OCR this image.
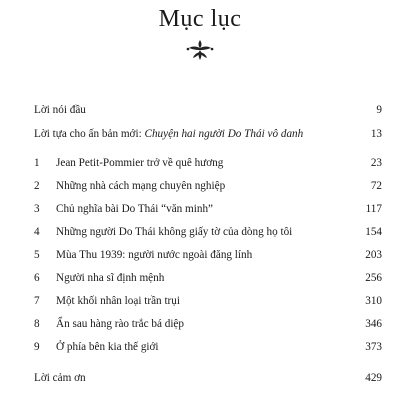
Mục lục
Lời nói đầu	9
Lời tựa cho ấn bản mới: Chuyện hai người Do Thái vô danh	13
1 Jean Petit-Pommier trở về quê hương	23
2 Những nhà cách mạng chuyên nghiệp	72
3 Chủ nghĩa bài Do Thái “văn minh”	117
4 Những người Do Thái không giấy tờ của dòng họ tôi	154
5 Mùa Thu 1939: người nước ngoài đăng lính	203
6 Người nha sĩ định mệnh	256
7 Một khối nhân loại trần trụi	310
8 Ẩn sau hàng rào trắc bá diệp	346
9 Ở phía bên kia thế giới	373
Lời cảm ơn	429
